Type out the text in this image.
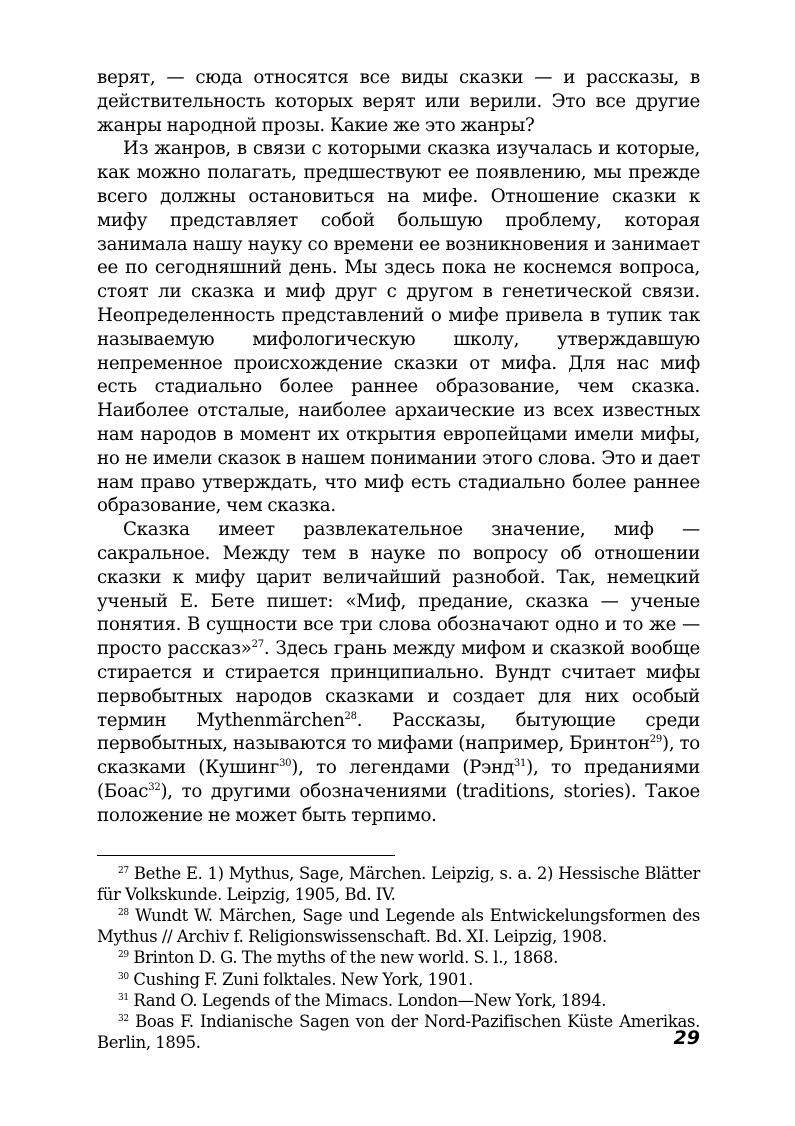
верят, — сюда относятся все виды сказки — и рассказы, в действительность которых верят или верили. Это все другие жанры народной прозы. Какие же это жанры?

Из жанров, в связи с которыми сказка изучалась и которые, как можно полагать, предшествуют ее появлению, мы прежде всего должны остановиться на мифе. Отношение сказки к мифу представляет собой большую проблему, которая занимала нашу науку со времени ее возникновения и занимает ее по сегодняшний день. Мы здесь пока не коснемся вопроса, стоят ли сказка и миф друг с другом в генетической связи. Неопределенность представлений о мифе привела в тупик так называемую мифологическую школу, утверждавшую непременное происхождение сказки от мифа. Для нас миф есть стадиально более раннее образование, чем сказка. Наиболее отсталые, наиболее архаические из всех известных нам народов в момент их открытия европейцами имели мифы, но не имели сказок в нашем понимании этого слова. Это и дает нам право утверждать, что миф есть стадиально более раннее образование, чем сказка.

Сказка имеет развлекательное значение, миф — сакральное. Между тем в науке по вопросу об отношении сказки к мифу царит величайший разнобой. Так, немецкий ученый Е. Бете пишет: «Миф, предание, сказка — ученые понятия. В сущности все три слова обозначают одно и то же — просто рассказ»$^{27}$. Здесь грань между мифом и сказкой вообще стирается и стирается принципиально. Вундт считает мифы первобытных народов сказками и создает для них особый термин Mythenmärchen$^{28}$. Рассказы, бытующие среди первобытных, называются то мифами (например, Бринтон$^{29}$), то сказками (Кушинг$^{30}$), то легендами (Рэнд$^{31}$), то преданиями (Боас$^{32}$), то другими обозначениями (traditions, stories). Такое положение не может быть терпимо.

$^{27}$ Bethe E. 1) Mythus, Sage, Märchen. Leipzig, s. a. 2) Hessische Blätter für Volkskunde. Leipzig, 1905, Bd. IV.

$^{28}$ Wundt W. Märchen, Sage und Legende als Entwickelungsformen des Mythus // Archiv f. Religionswissenschaft. Bd. XI. Leipzig, 1908.

$^{29}$ Brinton D. G. The myths of the new world. S. l., 1868.

$^{30}$ Cushing F. Zuni folktales. New York, 1901.

$^{31}$ Rand O. Legends of the Mimacs. London—New York, 1894.

$^{32}$ Boas F. Indianische Sagen von der Nord-Pazifischen Küste Amerikas. Berlin, 1895.	29
